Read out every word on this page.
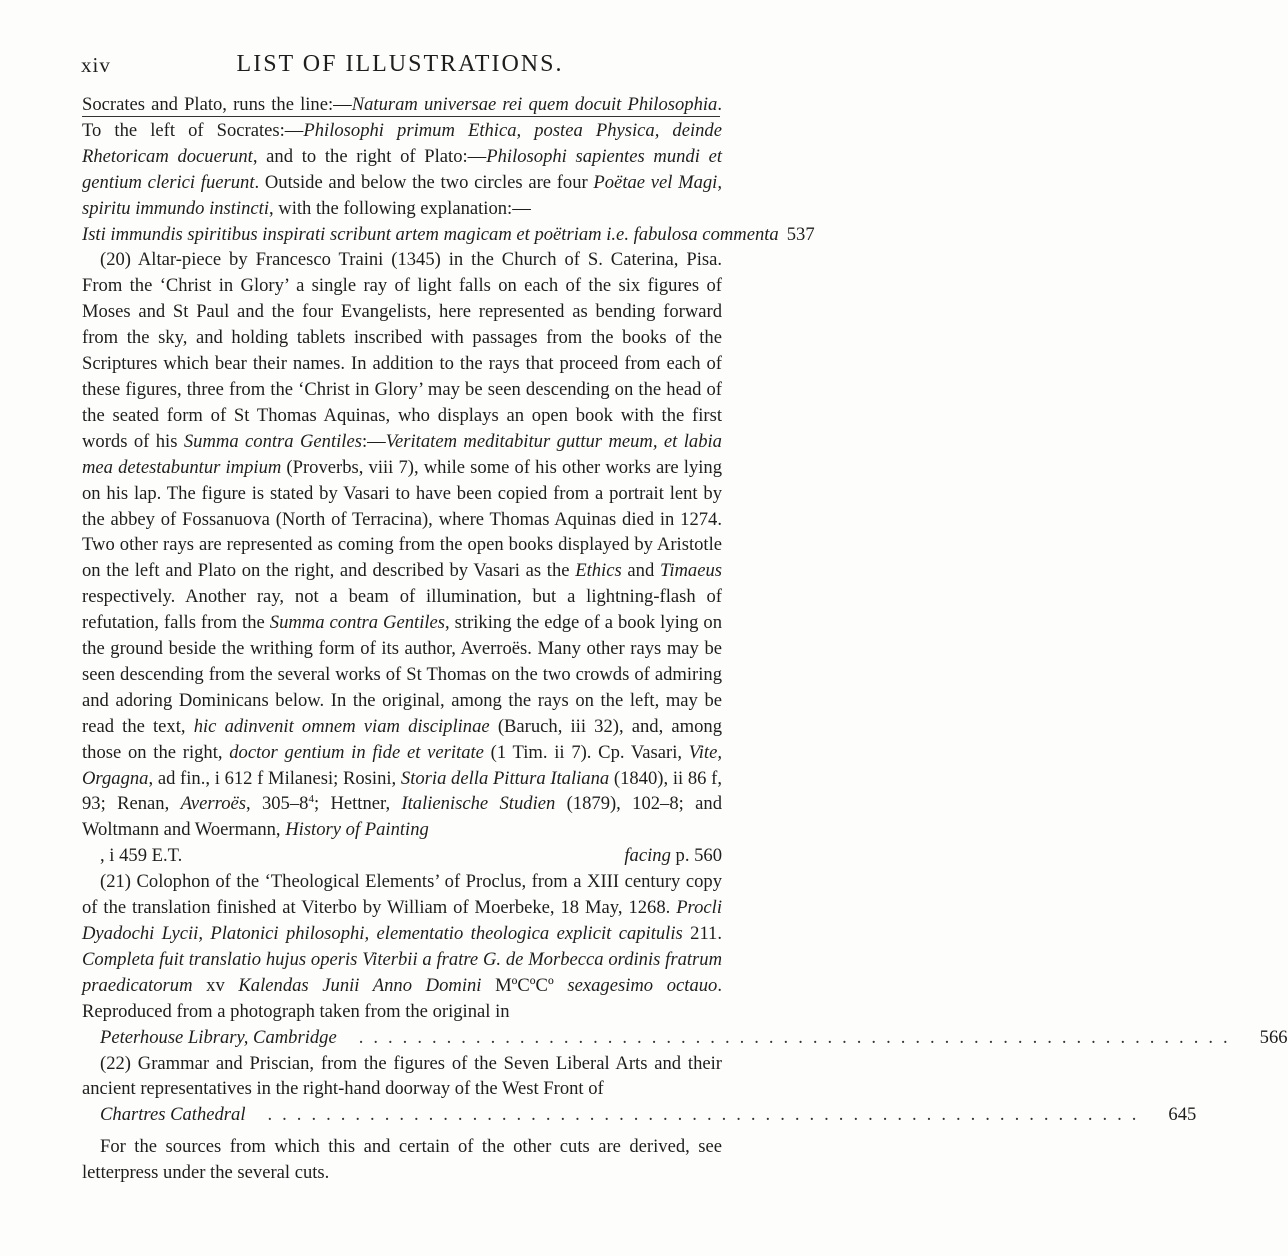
xiv	LIST OF ILLUSTRATIONS.

Socrates and Plato, runs the line:—Naturam universae rei quem docuit Philosophia. To the left of Socrates:—Philosophi primum Ethica, postea Physica, deinde Rhetoricam docuerunt, and to the right of Plato:—Philosophi sapientes mundi et gentium clerici fuerunt. Outside and below the two circles are four Poëtae vel Magi, spiritu immundo instincti, with the following explanation:—
Isti immundis spiritibus inspirati scribunt artem magicam et poëtriam i.e. fabulosa commenta 537

(20) Altar-piece by Francesco Traini (1345) in the Church of S. Caterina, Pisa. From the ‘Christ in Glory’ a single ray of light falls on each of the six figures of Moses and St Paul and the four Evangelists, here represented as bending forward from the sky, and holding tablets inscribed with passages from the books of the Scriptures which bear their names. In addition to the rays that proceed from each of these figures, three from the ‘Christ in Glory’ may be seen descending on the head of the seated form of St Thomas Aquinas, who displays an open book with the first words of his Summa contra Gentiles:—Veritatem meditabitur guttur meum, et labia mea detestabuntur impium (Proverbs, viii 7), while some of his other works are lying on his lap. The figure is stated by Vasari to have been copied from a portrait lent by the abbey of Fossanuova (North of Terracina), where Thomas Aquinas died in 1274. Two other rays are represented as coming from the open books displayed by Aristotle on the left and Plato on the right, and described by Vasari as the Ethics and Timaeus respectively. Another ray, not a beam of illumination, but a lightning-flash of refutation, falls from the Summa contra Gentiles, striking the edge of a book lying on the ground beside the writhing form of its author, Averroës. Many other rays may be seen descending from the several works of St Thomas on the two crowds of admiring and adoring Dominicans below. In the original, among the rays on the left, may be read the text, hic adinvenit omnem viam disciplinae (Baruch, iii 32), and, among those on the right, doctor gentium in fide et veritate (1 Tim. ii 7). Cp. Vasari, Vite, Orgagna, ad fin., i 612 f Milanesi; Rosini, Storia della Pittura Italiana (1840), ii 86 f, 93; Renan, Averroës, $305-8^4$; Hettner, Italienische Studien (1879), 102–8; and Woltmann and Woermann, History of Painting
, i 459 E.T.	facing p. 560

(21) Colophon of the ‘Theological Elements’ of Proclus, from a XIII century copy of the translation finished at Viterbo by William of Moerbeke, 18 May, 1268. Procli Dyadochi Lycii, Platonici philosophi, elementatio theologica explicit capitulis 211. Completa fuit translatio hujus operis Viterbii a fratre G. de Morbecca ordinis fratrum praedicatorum xv Kalendas Junii Anno Domini MºCºCº sexagesimo octauo. Reproduced from a photograph taken from the original in
Peterhouse Library, Cambridge	............................................................	566

(22) Grammar and Priscian, from the figures of the Seven Liberal Arts and their ancient representatives in the right-hand doorway of the West Front of
Chartres Cathedral	............................................................	645

For the sources from which this and certain of the other cuts are derived, see letterpress under the several cuts.
